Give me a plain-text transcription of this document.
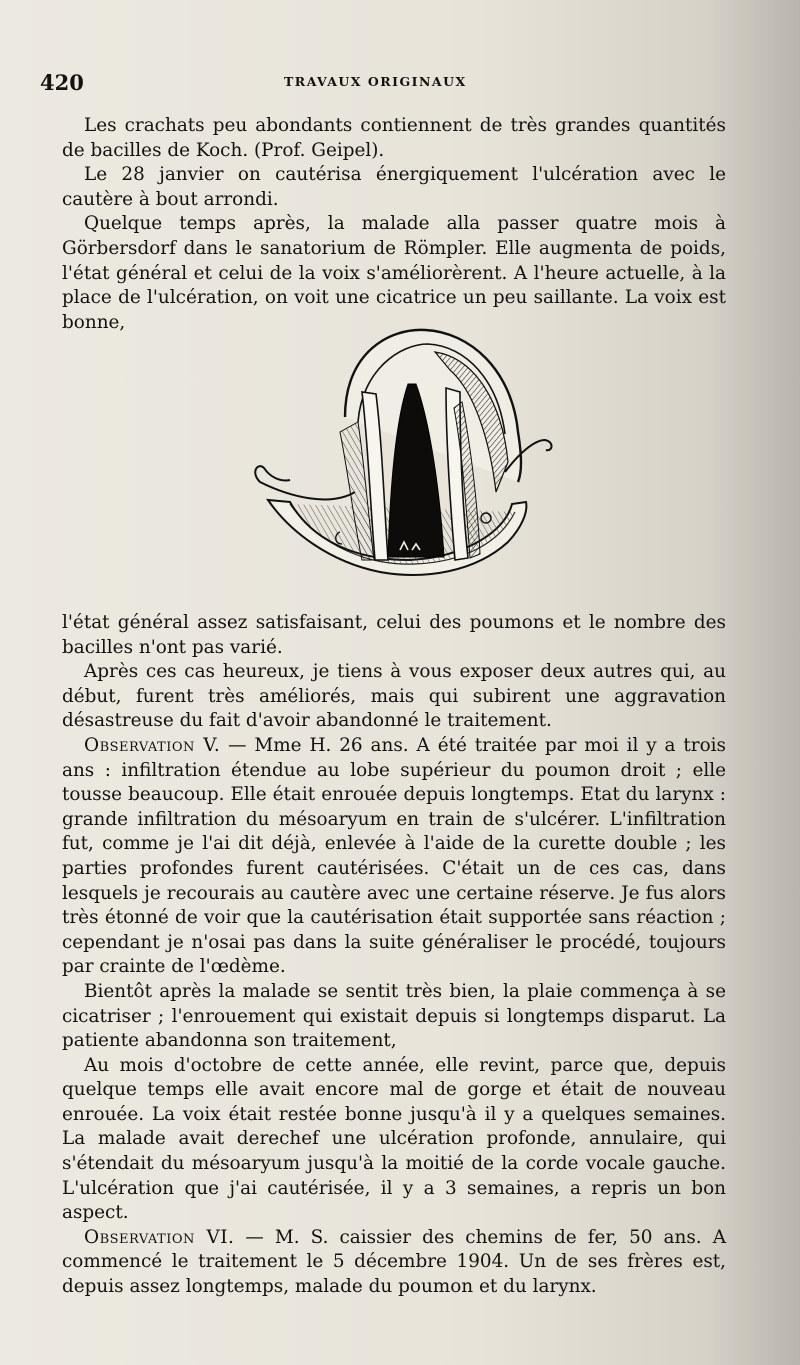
420	TRAVAUX ORIGINAUX

Les crachats peu abondants contiennent de très grandes quantités de bacilles de Koch. (Prof. Geipel).

Le 28 janvier on cautérisa énergiquement l'ulcération avec le cautère à bout arrondi.

Quelque temps après, la malade alla passer quatre mois à Görbersdorf dans le sanatorium de Römpler. Elle augmenta de poids, l'état général et celui de la voix s'améliorèrent. A l'heure actuelle, à la place de l'ulcération, on voit une cicatrice un peu saillante. La voix est bonne,

l'état général assez satisfaisant, celui des poumons et le nombre des bacilles n'ont pas varié.

Après ces cas heureux, je tiens à vous exposer deux autres qui, au début, furent très améliorés, mais qui subirent une aggravation désastreuse du fait d'avoir abandonné le traitement.

Observation V. — Mme H. 26 ans. A été traitée par moi il y a trois ans : infiltration étendue au lobe supérieur du poumon droit ; elle tousse beaucoup. Elle était enrouée depuis longtemps. Etat du larynx : grande infiltration du mésoaryum en train de s'ulcérer. L'infiltration fut, comme je l'ai dit déjà, enlevée à l'aide de la curette double ; les parties profondes furent cautérisées. C'était un de ces cas, dans lesquels je recourais au cautère avec une certaine réserve. Je fus alors très étonné de voir que la cautérisation était supportée sans réaction ; cependant je n'osai pas dans la suite généraliser le procédé, toujours par crainte de l'œdème.

Bientôt après la malade se sentit très bien, la plaie commença à se cicatriser ; l'enrouement qui existait depuis si longtemps disparut. La patiente abandonna son traitement,

Au mois d'octobre de cette année, elle revint, parce que, depuis quelque temps elle avait encore mal de gorge et était de nouveau enrouée. La voix était restée bonne jusqu'à il y a quelques semaines. La malade avait derechef une ulcération profonde, annulaire, qui s'étendait du mésoaryum jusqu'à la moitié de la corde vocale gauche. L'ulcération que j'ai cautérisée, il y a 3 semaines, a repris un bon aspect.

Observation VI. — M. S. caissier des chemins de fer, 50 ans. A commencé le traitement le 5 décembre 1904. Un de ses frères est, depuis assez longtemps, malade du poumon et du larynx.
